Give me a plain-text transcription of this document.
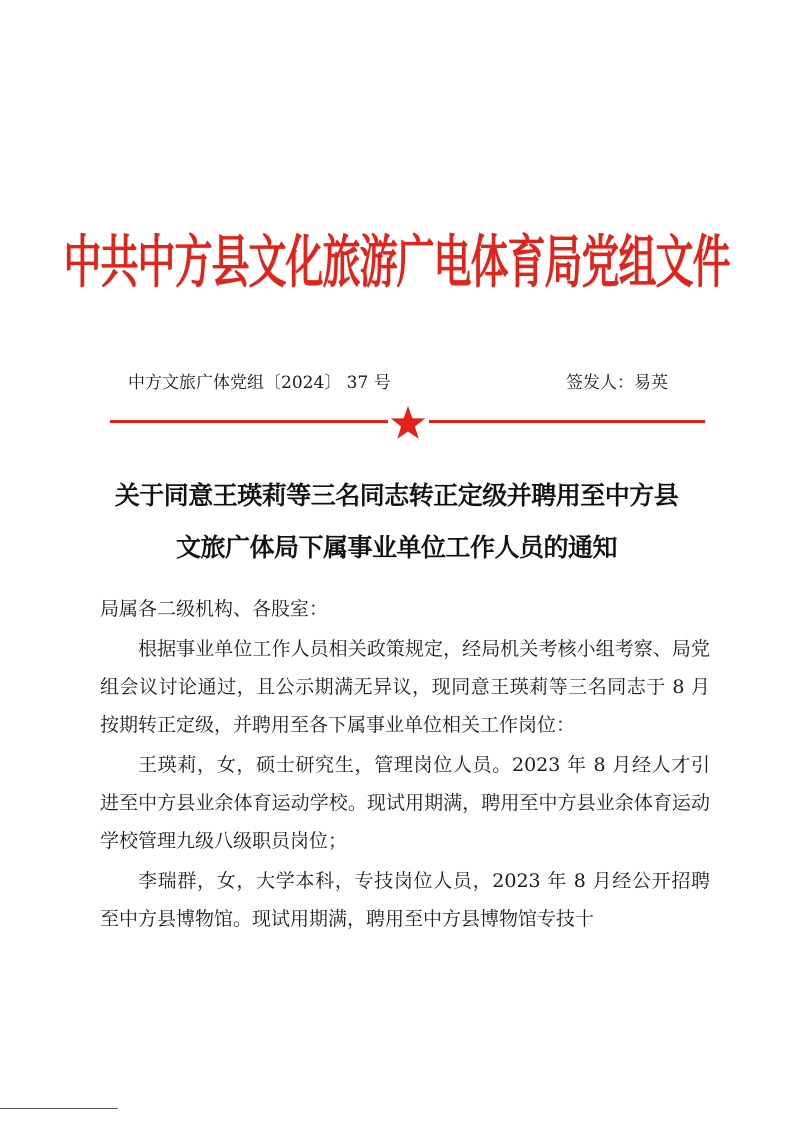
中共中方县文化旅游广电体育局党组文件
中方文旅广体党组〔2024〕 37 号	签发人：易英
关于同意王瑛莉等三名同志转正定级并聘用至中方县
文旅广体局下属事业单位工作人员的通知

局属各二级机构、各股室：

根据事业单位工作人员相关政策规定，经局机关考核小组考察、局党组会议讨论通过，且公示期满无异议，现同意王瑛莉等三名同志于 8 月按期转正定级，并聘用至各下属事业单位相关工作岗位：

王瑛莉，女，硕士研究生，管理岗位人员。2023 年 8 月经人才引进至中方县业余体育运动学校。现试用期满，聘用至中方县业余体育运动学校管理九级八级职员岗位；

李瑞群，女，大学本科，专技岗位人员，2023 年 8 月经公开招聘至中方县博物馆。现试用期满，聘用至中方县博物馆专技十
